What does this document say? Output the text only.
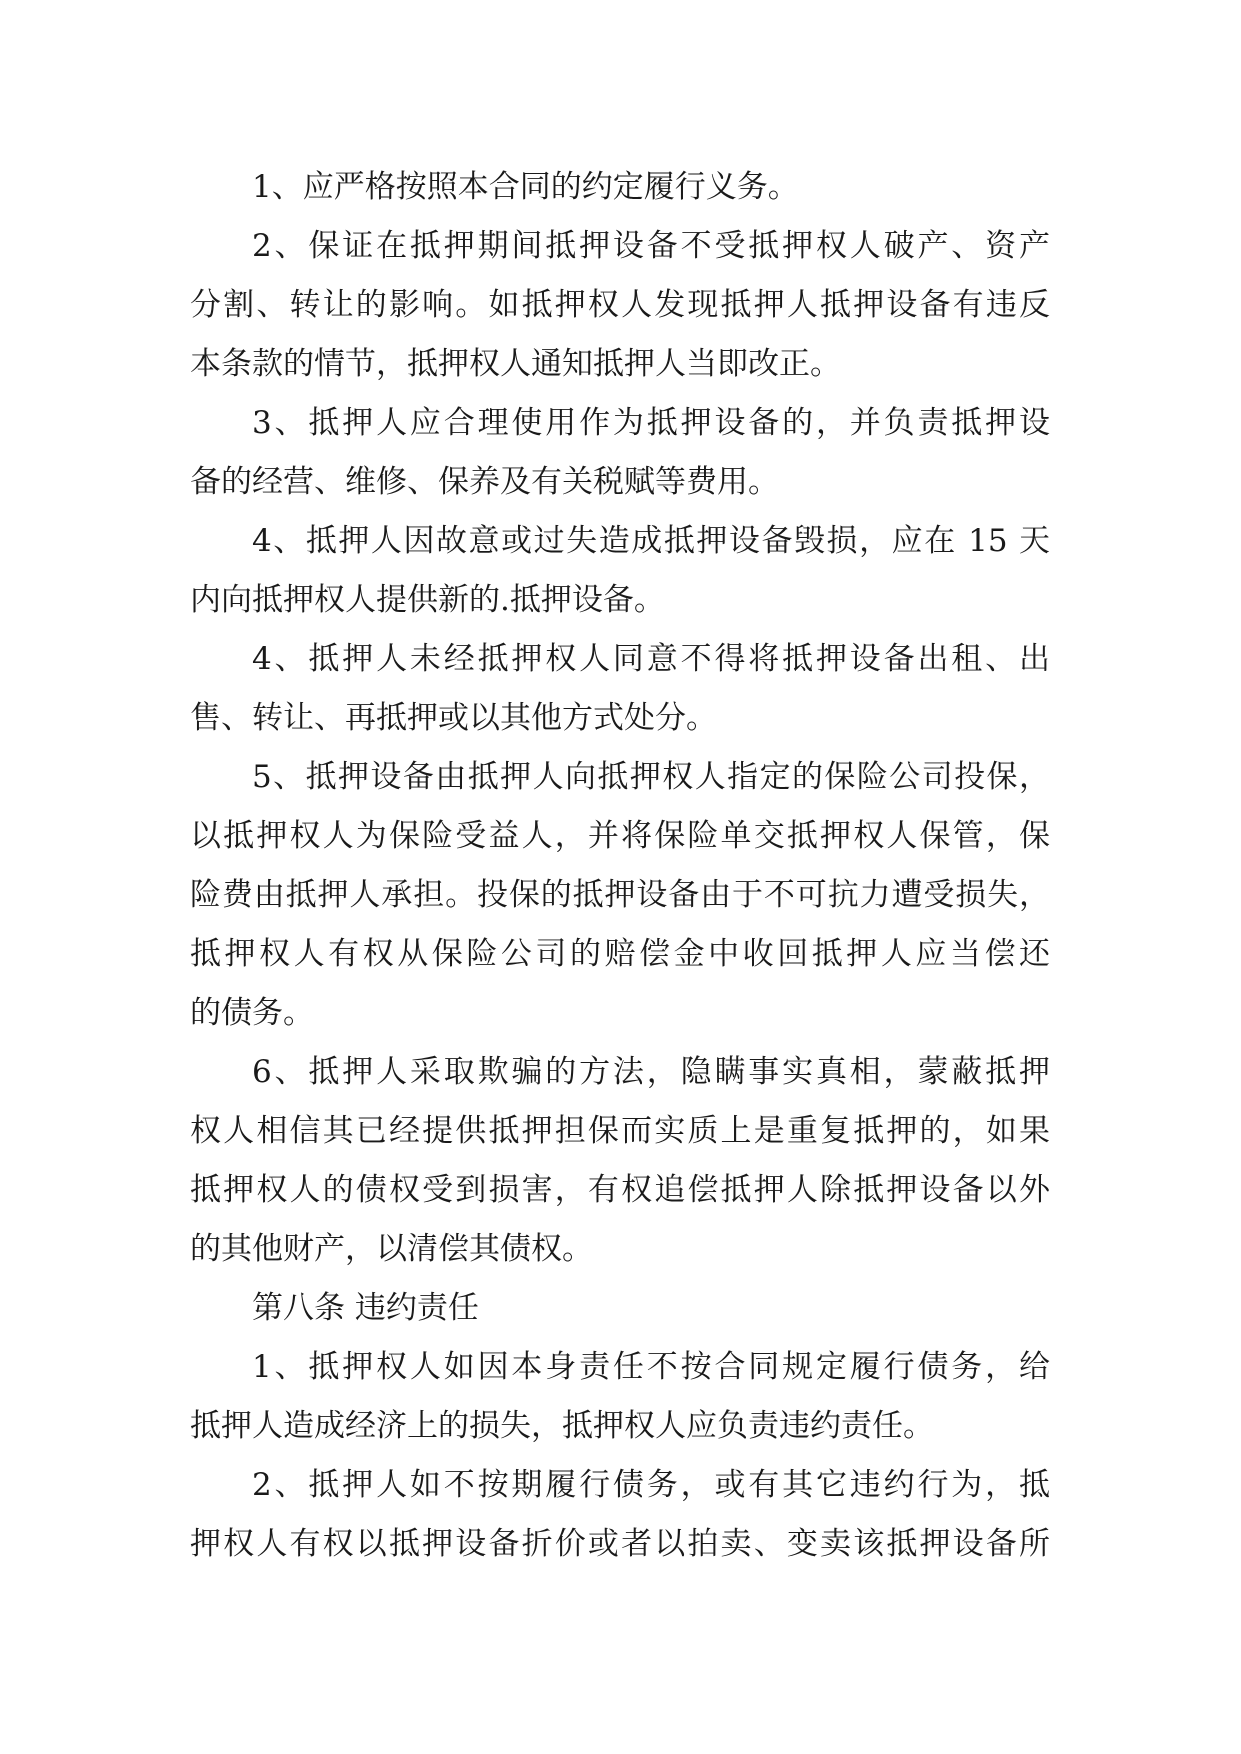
1、应严格按照本合同的约定履行义务。
2、保证在抵押期间抵押设备不受抵押权人破产、资产
分割、转让的影响。如抵押权人发现抵押人抵押设备有违反
本条款的情节，抵押权人通知抵押人当即改正。
3、抵押人应合理使用作为抵押设备的，并负责抵押设
备的经营、维修、保养及有关税赋等费用。
4、抵押人因故意或过失造成抵押设备毁损，应在 15 天
内向抵押权人提供新的.抵押设备。
4、抵押人未经抵押权人同意不得将抵押设备出租、出
售、转让、再抵押或以其他方式处分。
5、抵押设备由抵押人向抵押权人指定的保险公司投保，
以抵押权人为保险受益人，并将保险单交抵押权人保管，保
险费由抵押人承担。投保的抵押设备由于不可抗力遭受损失，
抵押权人有权从保险公司的赔偿金中收回抵押人应当偿还
的债务。
6、抵押人采取欺骗的方法，隐瞒事实真相，蒙蔽抵押
权人相信其已经提供抵押担保而实质上是重复抵押的，如果
抵押权人的债权受到损害，有权追偿抵押人除抵押设备以外
的其他财产，以清偿其债权。
第八条 违约责任
1、抵押权人如因本身责任不按合同规定履行债务，给
抵押人造成经济上的损失，抵押权人应负责违约责任。
2、抵押人如不按期履行债务，或有其它违约行为，抵
押权人有权以抵押设备折价或者以拍卖、变卖该抵押设备所
